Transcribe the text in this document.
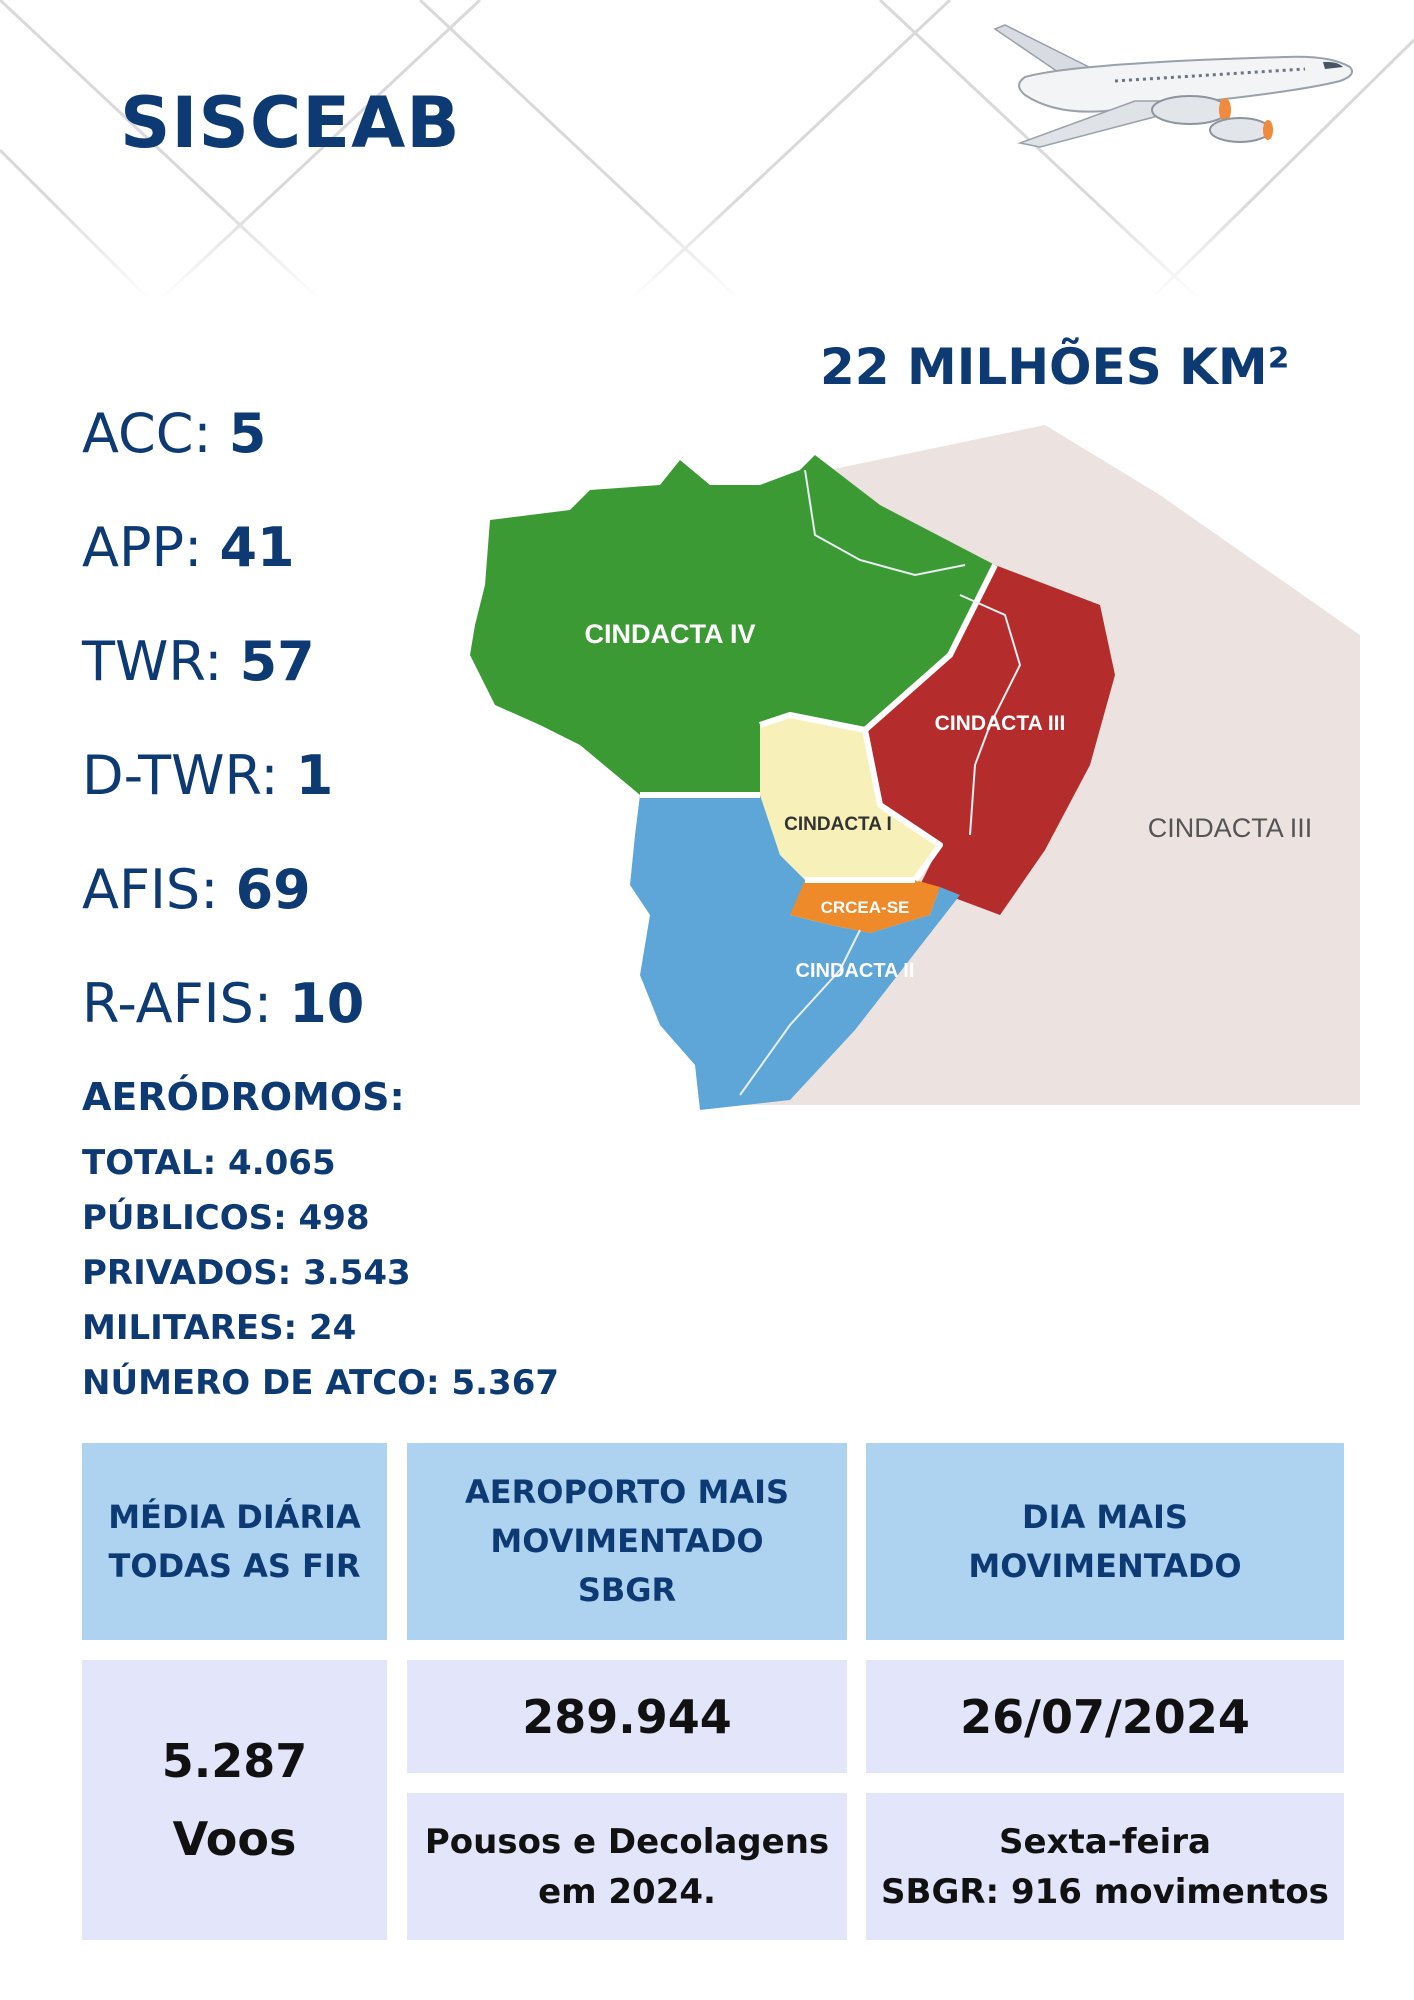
SISCEAB
22 MILHÕES KM²
ACC: 5
APP: 41
TWR: 57
D-TWR: 1
AFIS: 69
R-AFIS: 10
AERÓDROMOS:
TOTAL: 4.065
PÚBLICOS: 498
PRIVADOS: 3.543
MILITARES: 24
NÚMERO DE ATCO: 5.367
CINDACTA IV
CINDACTA III
CINDACTA I
CRCEA-SE
CINDACTA II
CINDACTA III
MÉDIA DIÁRIA
TODAS AS FIR
AEROPORTO MAIS
MOVIMENTADO
SBGR
DIA MAIS
MOVIMENTADO
5.287
Voos
289.944	26/07/2024
Pousos e Decolagens
em 2024.
Sexta-feira
SBGR: 916 movimentos
